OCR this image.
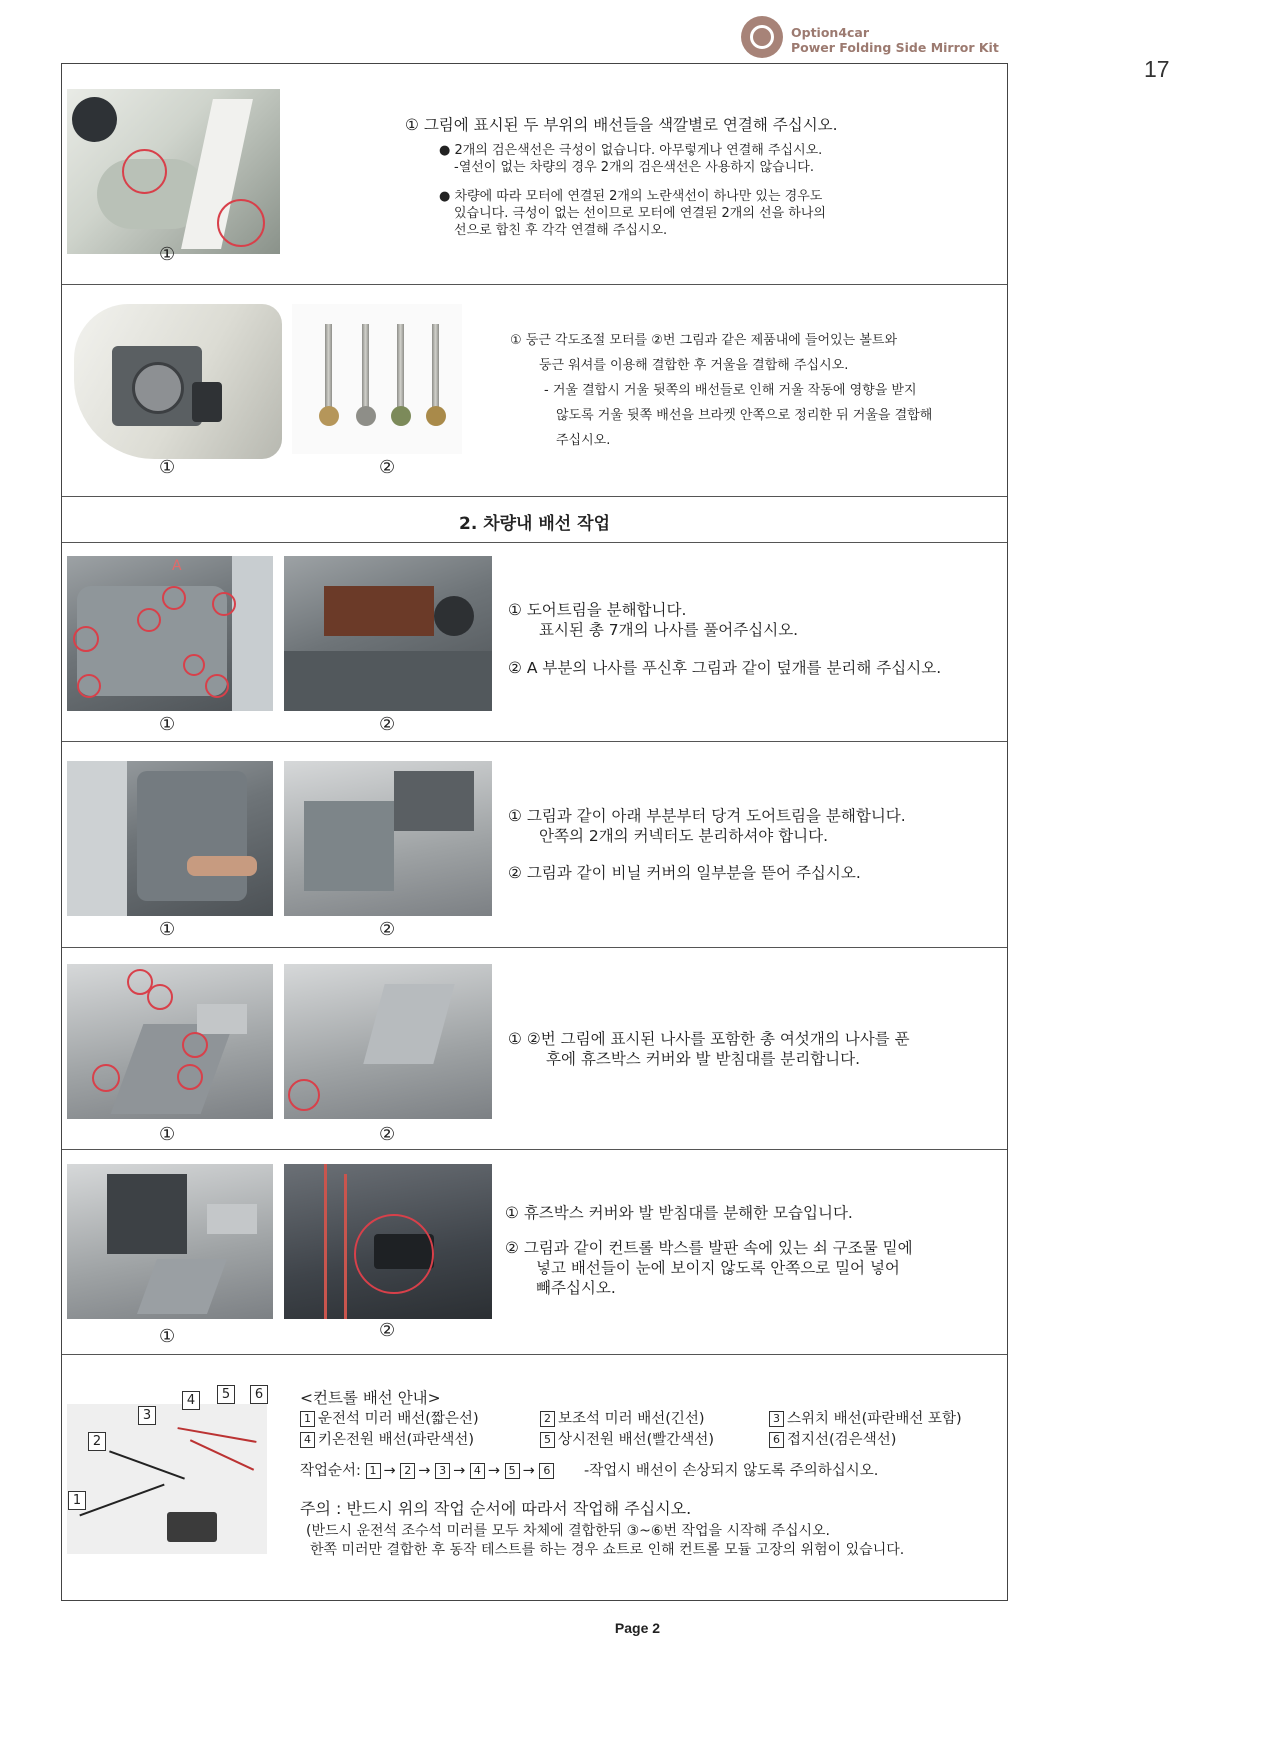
Option4car
Power Folding Side Mirror Kit
17
①
① 그림에 표시된 두 부위의 배선들을 색깔별로 연결해 주십시오.
● 2개의 검은색선은 극성이 없습니다. 아무렇게나 연결해 주십시오.
-열선이 없는 차량의 경우 2개의 검은색선은 사용하지 않습니다.
● 차량에 따라 모터에 연결된 2개의 노란색선이 하나만 있는 경우도
있습니다. 극성이 없는 선이므로 모터에 연결된 2개의 선을 하나의
선으로 합친 후 각각 연결해 주십시오.
①	②
① 둥근 각도조절 모터를 ②번 그림과 같은 제품내에 들어있는 볼트와
둥근 워셔를 이용해 결합한 후 거울을 결합해 주십시오.
- 거울 결합시 거울 뒷쪽의 배선들로 인해 거울 작동에 영향을 받지
않도록 거울 뒷쪽 배선을 브라켓 안쪽으로 정리한 뒤 거울을 결합해
주십시오.
2. 차량내 배선 작업
A
①	②
① 도어트림을 분해합니다.
표시된 총 7개의 나사를 풀어주십시오.
② A 부분의 나사를 푸신후 그림과 같이 덮개를 분리해 주십시오.
①	②
① 그림과 같이 아래 부분부터 당겨 도어트림을 분해합니다.
안쪽의 2개의 커넥터도 분리하셔야 합니다.
② 그림과 같이 비닐 커버의 일부분을 뜯어 주십시오.
①	②
① ②번 그림에 표시된 나사를 포함한 총 여섯개의 나사를 푼
후에 휴즈박스 커버와 발 받침대를 분리합니다.
①	②
① 휴즈박스 커버와 발 받침대를 분해한 모습입니다.
② 그림과 같이 컨트롤 박스를 발판 속에 있는 쇠 구조물 밑에
넣고 배선들이 눈에 보이지 않도록 안쪽으로 밀어 넣어
빼주십시오.
1
2
3
4	5	6	<컨트롤 배선 안내>
1 운전석 미러 배선(짧은선)	2 보조석 미러 배선(긴선)	3 스위치 배선(파란배선 포함)
4 키온전원 배선(파란색선)	5 상시전원 배선(빨간색선)	6 접지선(검은색선)
작업순서: 1 → 2 → 3 → 4 → 5 → 6 -작업시 배선이 손상되지 않도록 주의하십시오.
주의 : 반드시 위의 작업 순서에 따라서 작업해 주십시오.
(반드시 운전석 조수석 미러를 모두 차체에 결합한뒤 ③~⑥번 작업을 시작해 주십시오.
한쪽 미러만 결합한 후 동작 테스트를 하는 경우 쇼트로 인해 컨트롤 모듈 고장의 위험이 있습니다.
Page 2
